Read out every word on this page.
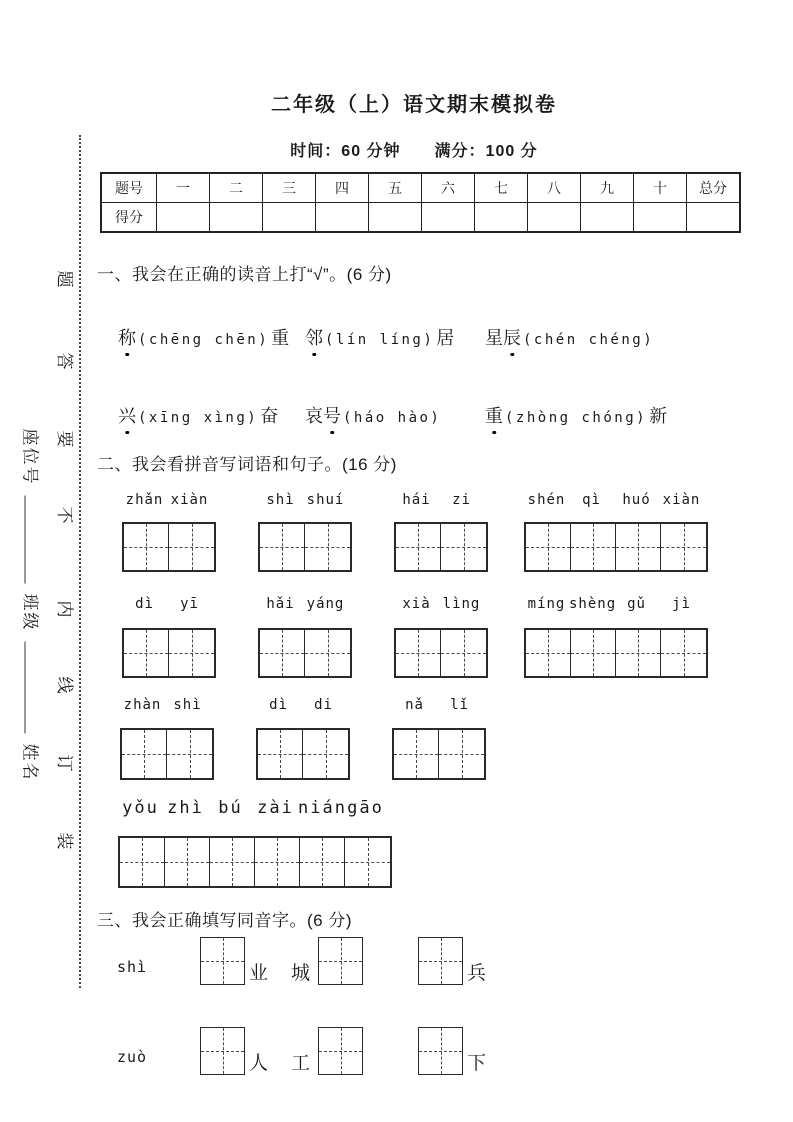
题
答
要
不
内
线
订
装
座位号
班级
姓名
二年级（上）语文期末模拟卷
时间：60 分钟　　满分：100 分
题号	一	二	三	四	五	六	七	八	九	十	总分
得分											
一、我会在正确的读音上打“√”。(6 分)
称 (chēng chēn) 重 邻 (lín líng) 居 星辰 (chén chéng)
兴 (xīng xìng) 奋 哀号 (háo hào) 重 (zhòng chóng) 新
二、我会看拼音写词语和句子。(16 分)
zhǎn xiàn	shì shuí	hái	zi	shén	qì	huó xiàn
dì	yī	hǎi yáng	xià lìng	míng shèng gǔ	jì
zhàn shì	dì	di	nǎ	lǐ
yǒu zhì bú zài nián gāo
三、我会正确填写同音字。(6 分)
shì	业 城	兵
zuò	人 工	下
